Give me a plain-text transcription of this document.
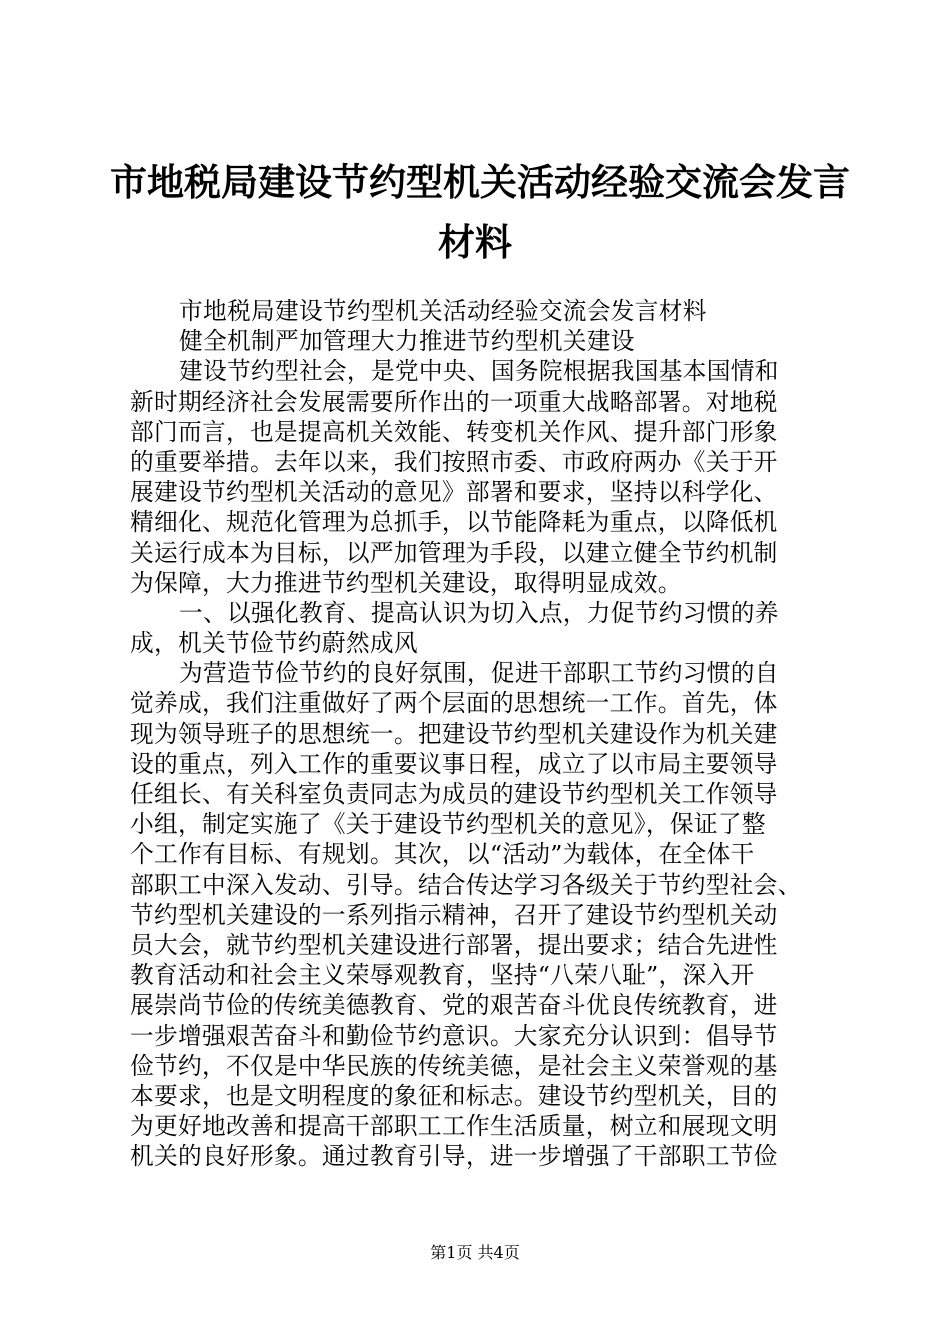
市地税局建设节约型机关活动经验交流会发言
材料
市地税局建设节约型机关活动经验交流会发言材料
健全机制严加管理大力推进节约型机关建设
建设节约型社会，是党中央、国务院根据我国基本国情和
新时期经济社会发展需要所作出的一项重大战略部署。对地税
部门而言，也是提高机关效能、转变机关作风、提升部门形象
的重要举措。去年以来，我们按照市委、市政府两办《关于开
展建设节约型机关活动的意见》部署和要求，坚持以科学化、
精细化、规范化管理为总抓手，以节能降耗为重点，以降低机
关运行成本为目标，以严加管理为手段，以建立健全节约机制
为保障，大力推进节约型机关建设，取得明显成效。
一、以强化教育、提高认识为切入点，力促节约习惯的养
成，机关节俭节约蔚然成风
为营造节俭节约的良好氛围，促进干部职工节约习惯的自
觉养成，我们注重做好了两个层面的思想统一工作。首先，体
现为领导班子的思想统一。把建设节约型机关建设作为机关建
设的重点，列入工作的重要议事日程，成立了以市局主要领导
任组长、有关科室负责同志为成员的建设节约型机关工作领导
小组，制定实施了《关于建设节约型机关的意见》，保证了整
个工作有目标、有规划。其次，以“活动”为载体，在全体干
部职工中深入发动、引导。结合传达学习各级关于节约型社会、
节约型机关建设的一系列指示精神，召开了建设节约型机关动
员大会，就节约型机关建设进行部署，提出要求；结合先进性
教育活动和社会主义荣辱观教育，坚持“八荣八耻”，深入开
展崇尚节俭的传统美德教育、党的艰苦奋斗优良传统教育，进
一步增强艰苦奋斗和勤俭节约意识。大家充分认识到：倡导节
俭节约，不仅是中华民族的传统美德，是社会主义荣誉观的基
本要求，也是文明程度的象征和标志。建设节约型机关，目的
为更好地改善和提高干部职工工作生活质量，树立和展现文明
机关的良好形象。通过教育引导，进一步增强了干部职工节俭
第1页 共4页
